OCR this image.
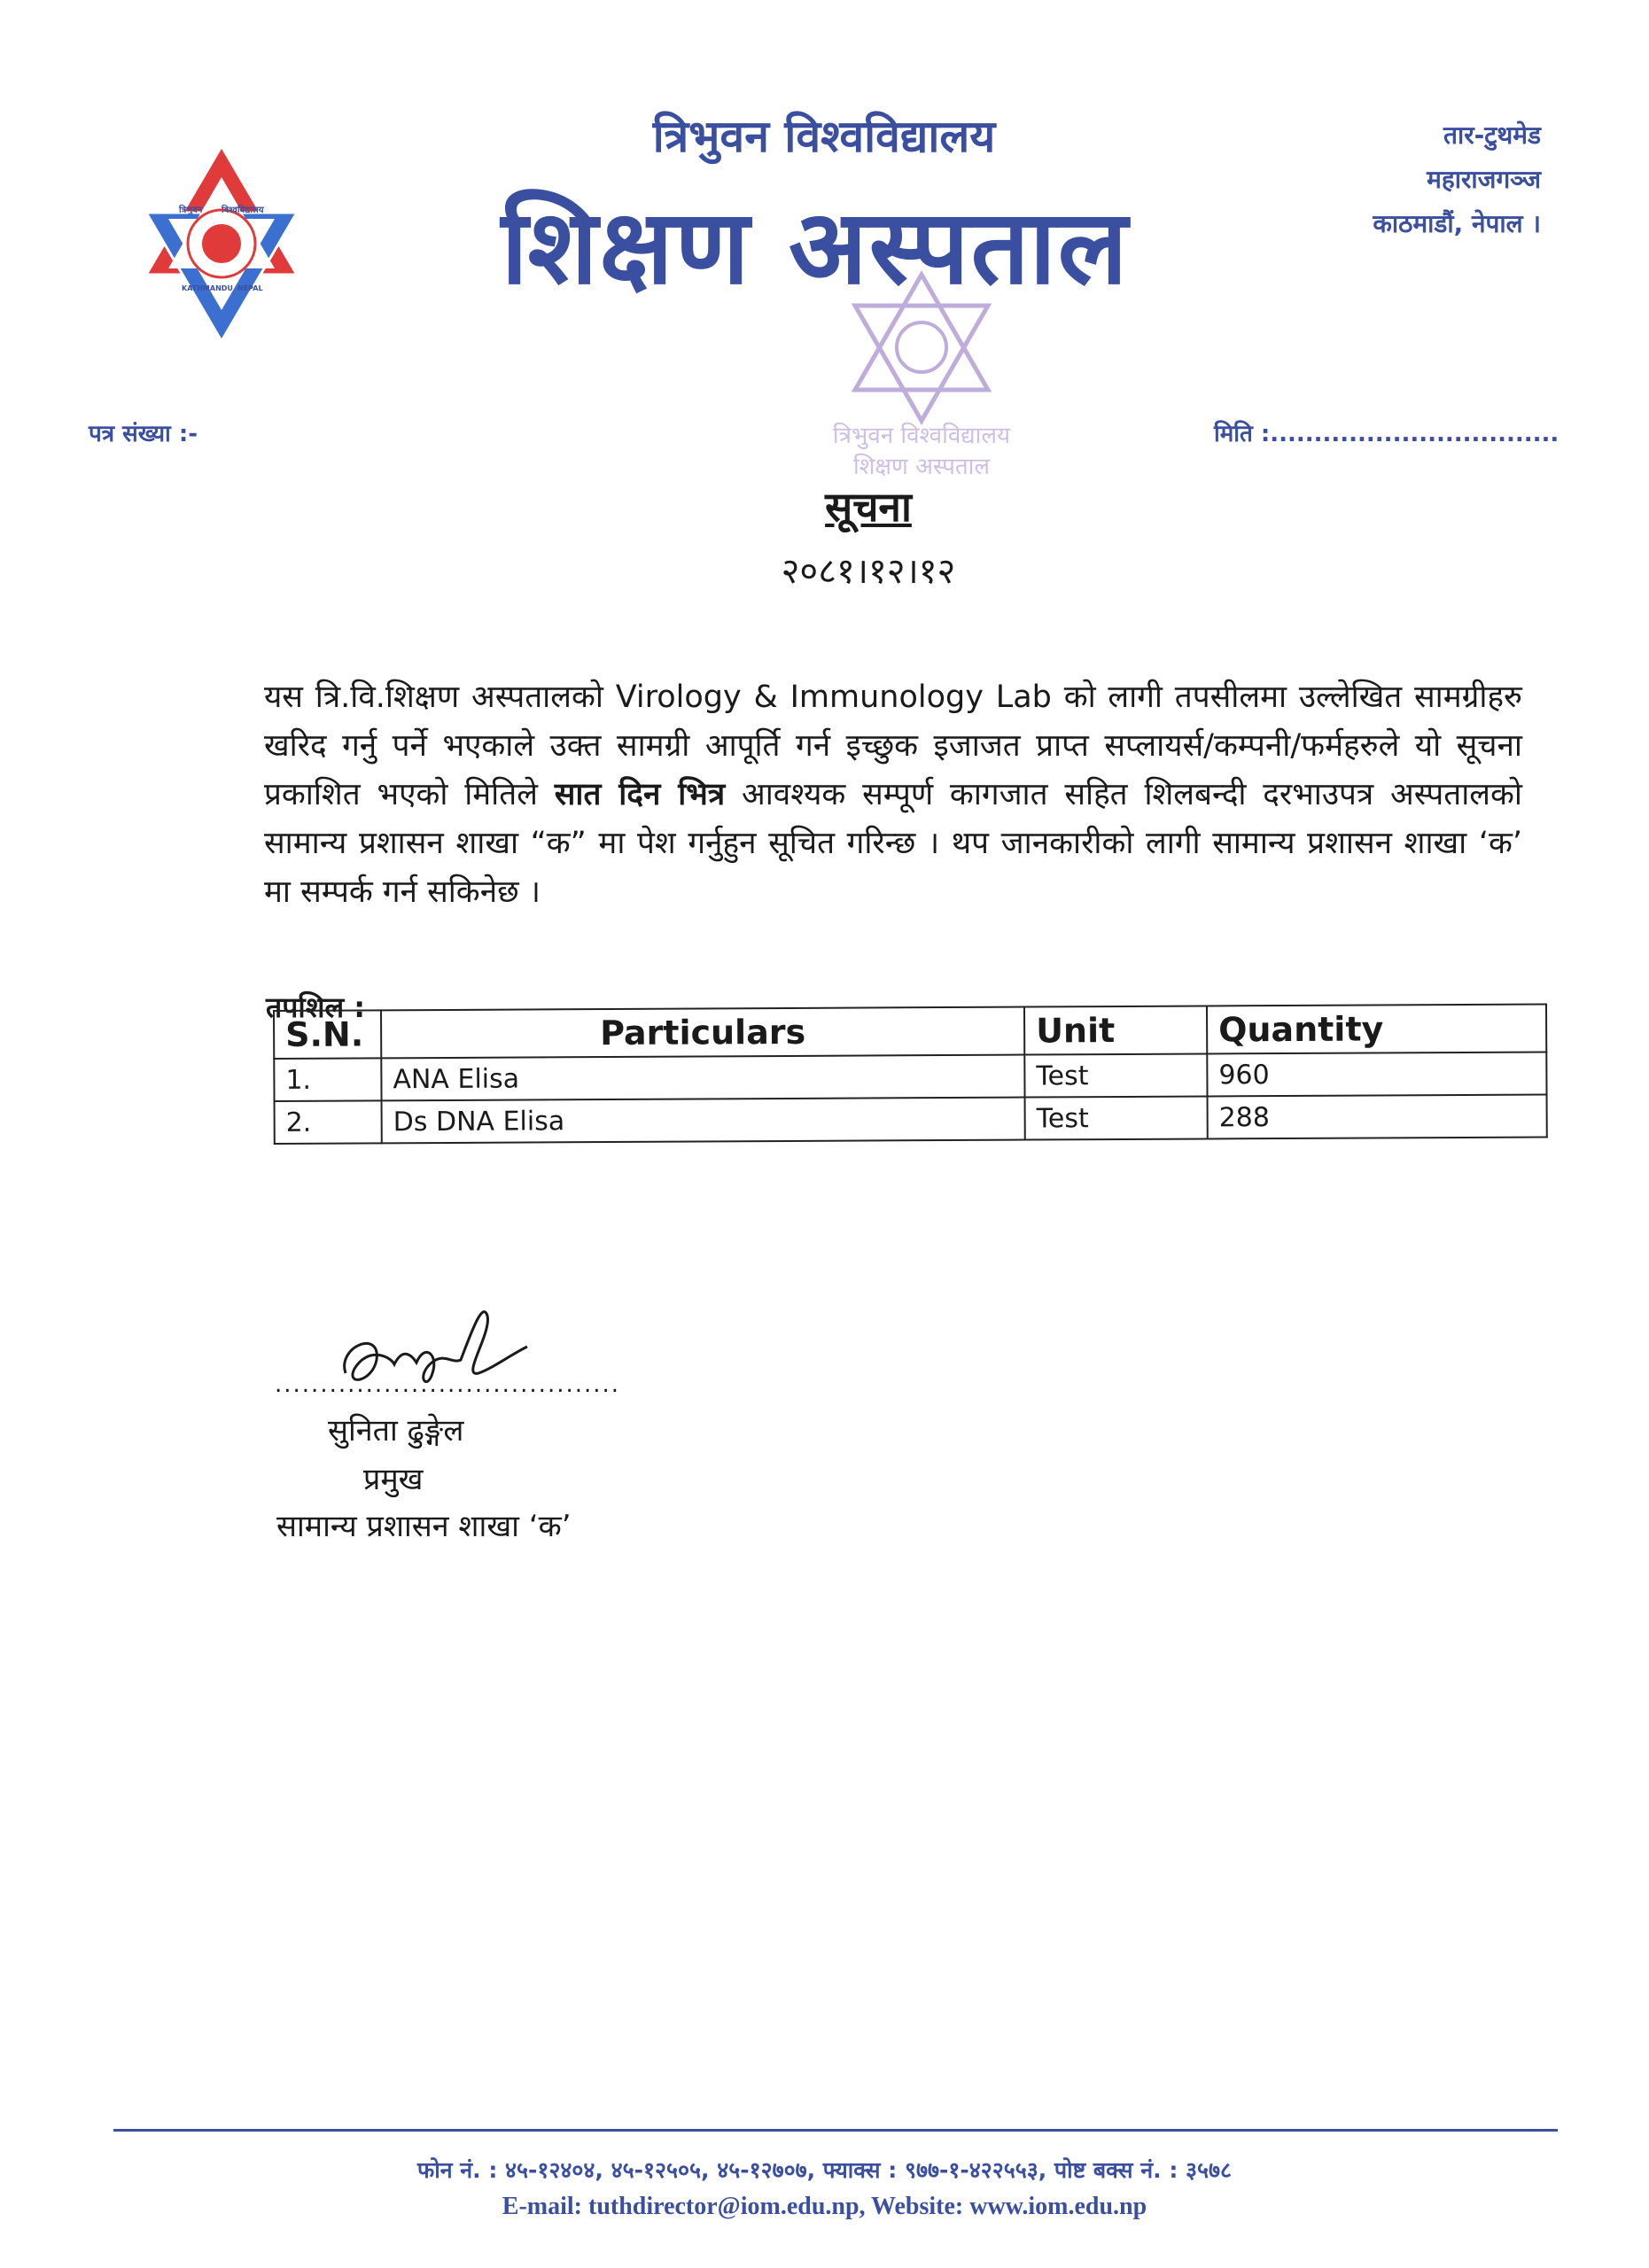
त्रिभुवन विश्वविद्यालय
KATHMANDU NEPAL
त्रिभुवन विश्वविद्यालय
शिक्षण अस्पताल
तार-टुथमेड
महाराजगञ्ज
काठमाडौं, नेपाल ।
त्रिभुवन विश्वविद्यालय
शिक्षण अस्पताल
पत्र संख्या :-	मिति :.................................
सूचना
२०८१।१२।१२
यस त्रि.वि.शिक्षण अस्पतालको Virology & Immunology Lab को लागी तपसीलमा उल्लेखित सामग्रीहरु खरिद गर्नु पर्ने भएकाले उक्त सामग्री आपूर्ति गर्न इच्छुक इजाजत प्राप्त सप्लायर्स/कम्पनी/फर्महरुले यो सूचना प्रकाशित भएको मितिले सात दिन भित्र आवश्यक सम्पूर्ण कागजात सहित शिलबन्दी दरभाउपत्र अस्पतालको सामान्य प्रशासन शाखा “क” मा पेश गर्नुहुन सूचित गरिन्छ । थप जानकारीको लागी सामान्य प्रशासन शाखा ‘क’ मा सम्पर्क गर्न सकिनेछ ।
तपशिल :
S.N.	Particulars	Unit	Quantity
1.	ANA Elisa	Test	960
2.	Ds DNA Elisa	Test	288
Sugal
......................................
सुनिता ढुङ्गेल
प्रमुख
सामान्य प्रशासन शाखा ‘क’
फोन नं. : ४५-१२४०४, ४५-१२५०५, ४५-१२७०७, फ्याक्स : ९७७-१-४२२५५३, पोष्ट बक्स नं. : ३५७८
E-mail: tuthdirector@iom.edu.np, Website: www.iom.edu.np
